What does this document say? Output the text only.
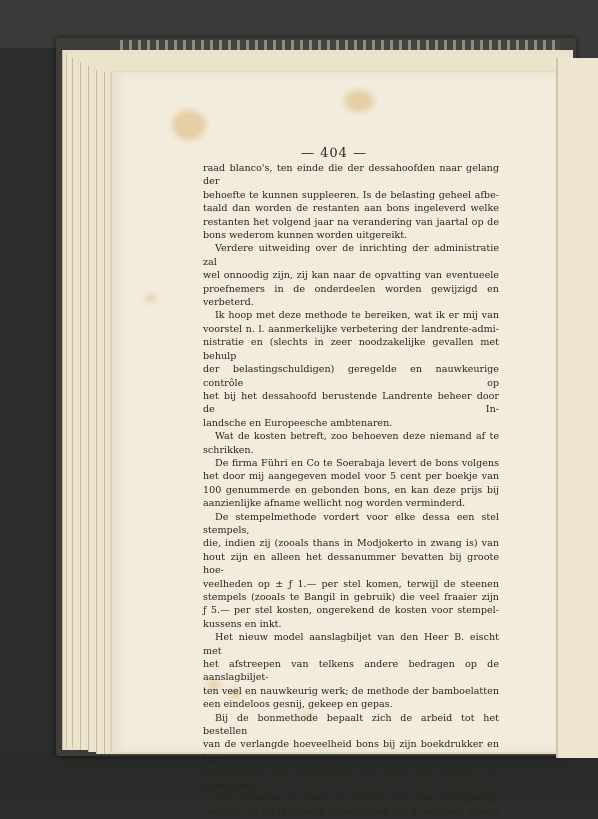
— 404 —
raad blanco's, ten einde die der dessahoofden naar gelang der
behoefte te kunnen suppleeren. Is de belasting geheel afbe-
taald dan worden de restanten aan bons ingeleverd welke
restanten het volgend jaar na verandering van jaartal op de
bons wederom kunnen worden uitgereikt.
Verdere uitweiding over de inrichting der administratie zal
wel onnoodig zijn, zij kan naar de opvatting van eventueele
proefnemers in de onderdeelen worden gewijzigd en verbeterd.
Ik hoop met deze methode te bereiken, wat ik er mij van
voorstel n. l. aanmerkelijke verbetering der landrente-admi-
nistratie en (slechts in zeer noodzakelijke gevallen met behulp
der belastingschuldigen) geregelde en nauwkeurige contrôle op
het bij het dessahoofd berustende Landrente beheer door de In-
landsche en Europeesche ambtenaren.
Wat de kosten betreft, zoo behoeven deze niemand af te
schrikken.
De firma Führi en Co te Soerabaja levert de bons volgens
het door mij aangegeven model voor 5 cent per boekje van
100 genummerde en gebonden bons, en kan deze prijs bij
aanzienlijke afname wellicht nog worden verminderd.
De stempelmethode vordert voor elke dessa een stel stempels,
die, indien zij (zooals thans in Modjokerto in zwang is) van
hout zijn en alleen het dessanummer bevatten bij groote hoe-
veelheden op ± ƒ 1.— per stel komen, terwijl de steenen
stempels (zooals te Bangil in gebruik) die veel fraaier zijn
ƒ 5.— per stel kosten, ongerekend de kosten voor stempel-
kussens en inkt.
Het nieuw model aanslagbiljet van den Heer B. eischt met
het afstreepen van telkens andere bedragen op de aanslagbiljet-
ten veel en nauwkeurig werk; de methode der bamboelatten
een eindeloos gesnij, gekeep en gepas.
Bij de bonmethode bepaalt zich de arbeid tot het bestellen
van de verlangde hoeveelheid bons bij zijn boekdrukker en het
bestempelen of beschrijven er van met jaartal en dessanaam.
Den inlander in staat te stellen zelf eene werkdadige
contrôle op de landrente afbetalingen uit te oefenen, zooals
